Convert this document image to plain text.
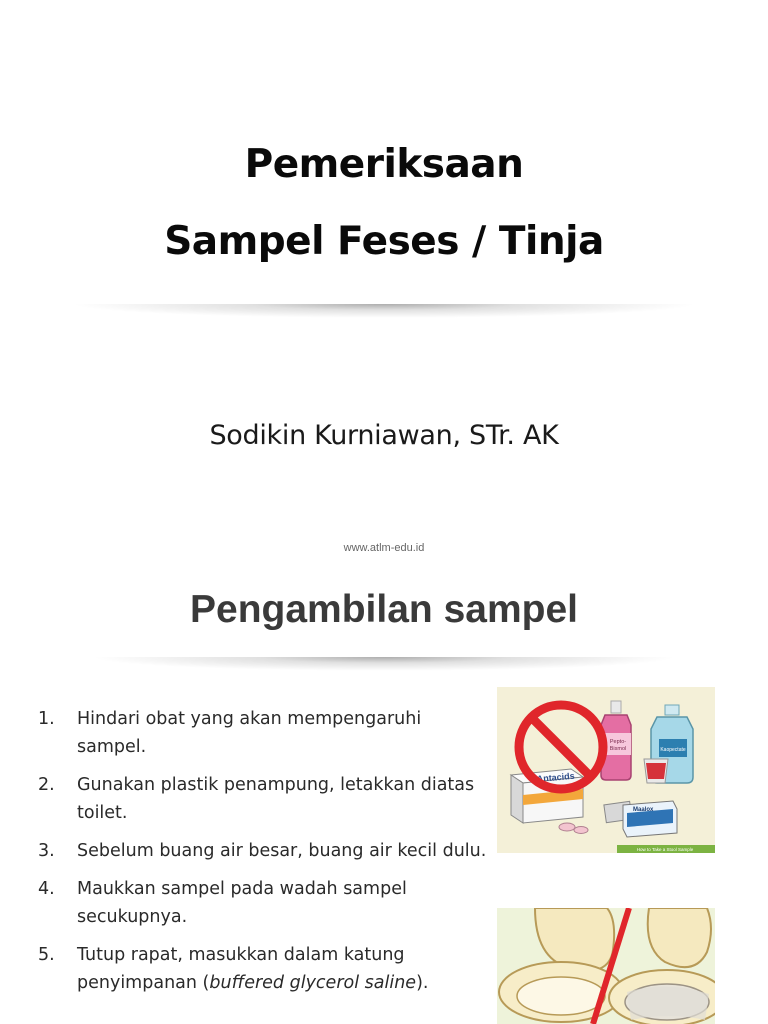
Pemeriksaan
Sampel Feses / Tinja
Sodikin Kurniawan, STr. AK
www.atlm-edu.id
Pengambilan sampel
1.	Hindari obat yang akan mempengaruhi sampel.
2.	Gunakan plastik penampung, letakkan diatas toilet.
3.	Sebelum buang air besar, buang air kecil dulu.
4.	Maukkan sampel pada wadah sampel secukupnya.
5.	Tutup rapat, masukkan dalam katung penyimpanan (buffered glycerol saline).
Kaopectate
Pepto-
Bismol
Antacids
Maalox
How to Take a Stool Sample
